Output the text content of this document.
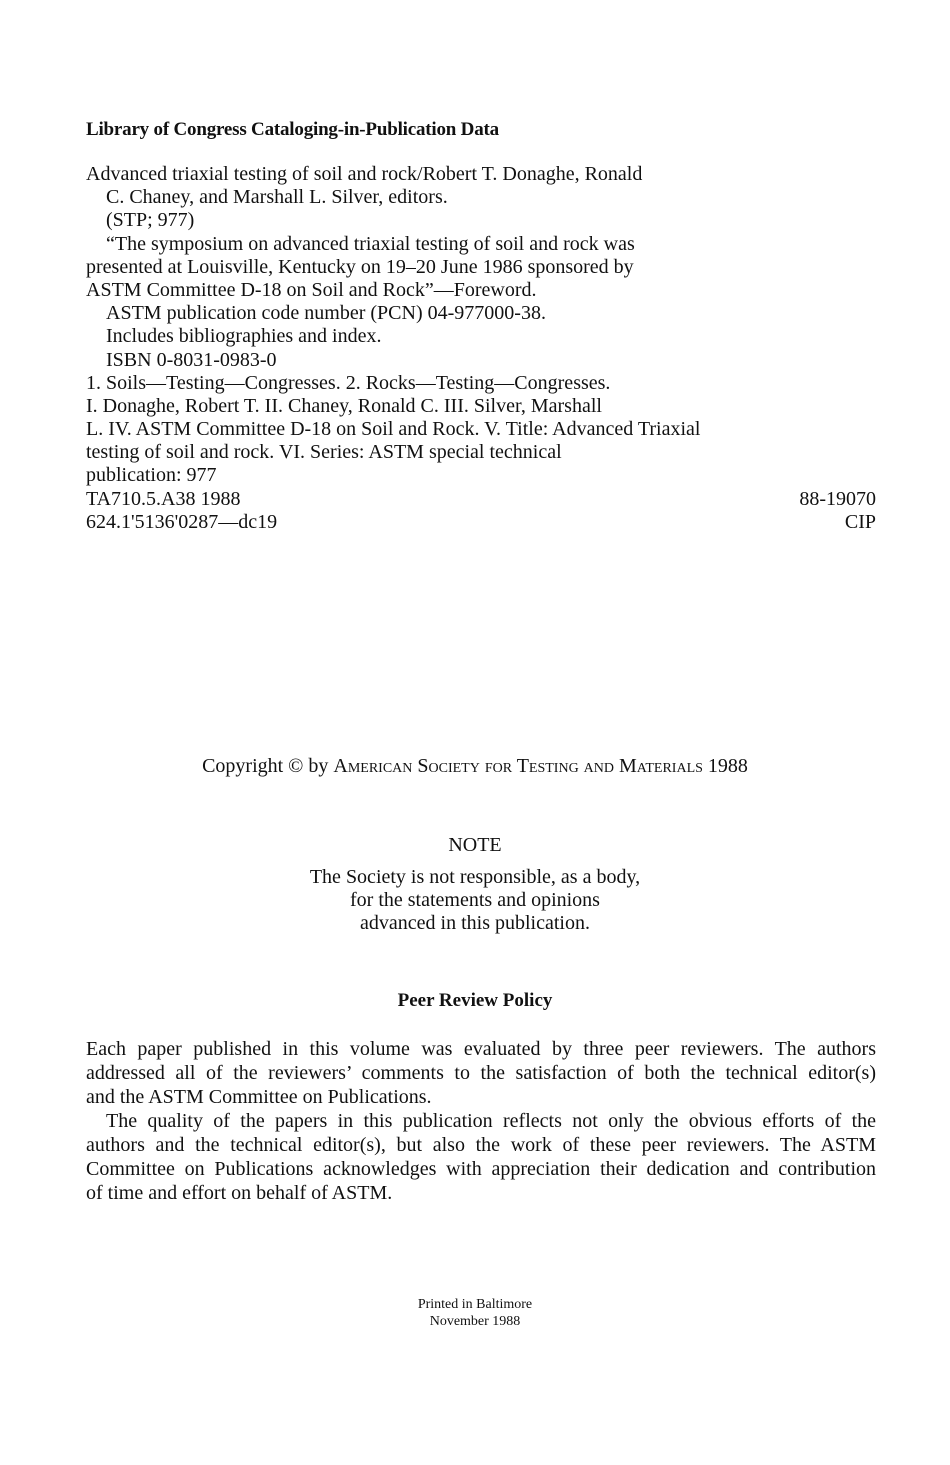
Library of Congress Cataloging-in-Publication Data
Advanced triaxial testing of soil and rock/Robert T. Donaghe, Ronald
C. Chaney, and Marshall L. Silver, editors.
(STP; 977)
“The symposium on advanced triaxial testing of soil and rock was
presented at Louisville, Kentucky on 19–20 June 1986 sponsored by
ASTM Committee D-18 on Soil and Rock”—Foreword.
ASTM publication code number (PCN) 04-977000-38.
Includes bibliographies and index.
ISBN 0-8031-0983-0
1. Soils—Testing—Congresses. 2. Rocks—Testing—Congresses.
I. Donaghe, Robert T. II. Chaney, Ronald C. III. Silver, Marshall
L. IV. ASTM Committee D-18 on Soil and Rock. V. Title: Advanced Triaxial
testing of soil and rock. VI. Series: ASTM special technical
publication: 977
TA710.5.A38 1988	88-19070
624.1'5136'0287—dc19	CIP
Copyright © by American Society for Testing and Materials 1988
NOTE
The Society is not responsible, as a body,
for the statements and opinions
advanced in this publication.
Peer Review Policy
Each paper published in this volume was evaluated by three peer reviewers. The authors
addressed all of the reviewers’ comments to the satisfaction of both the technical editor(s)
and the ASTM Committee on Publications.
The quality of the papers in this publication reflects not only the obvious efforts of the
authors and the technical editor(s), but also the work of these peer reviewers. The ASTM
Committee on Publications acknowledges with appreciation their dedication and contribution
of time and effort on behalf of ASTM.
Printed in Baltimore
November 1988
